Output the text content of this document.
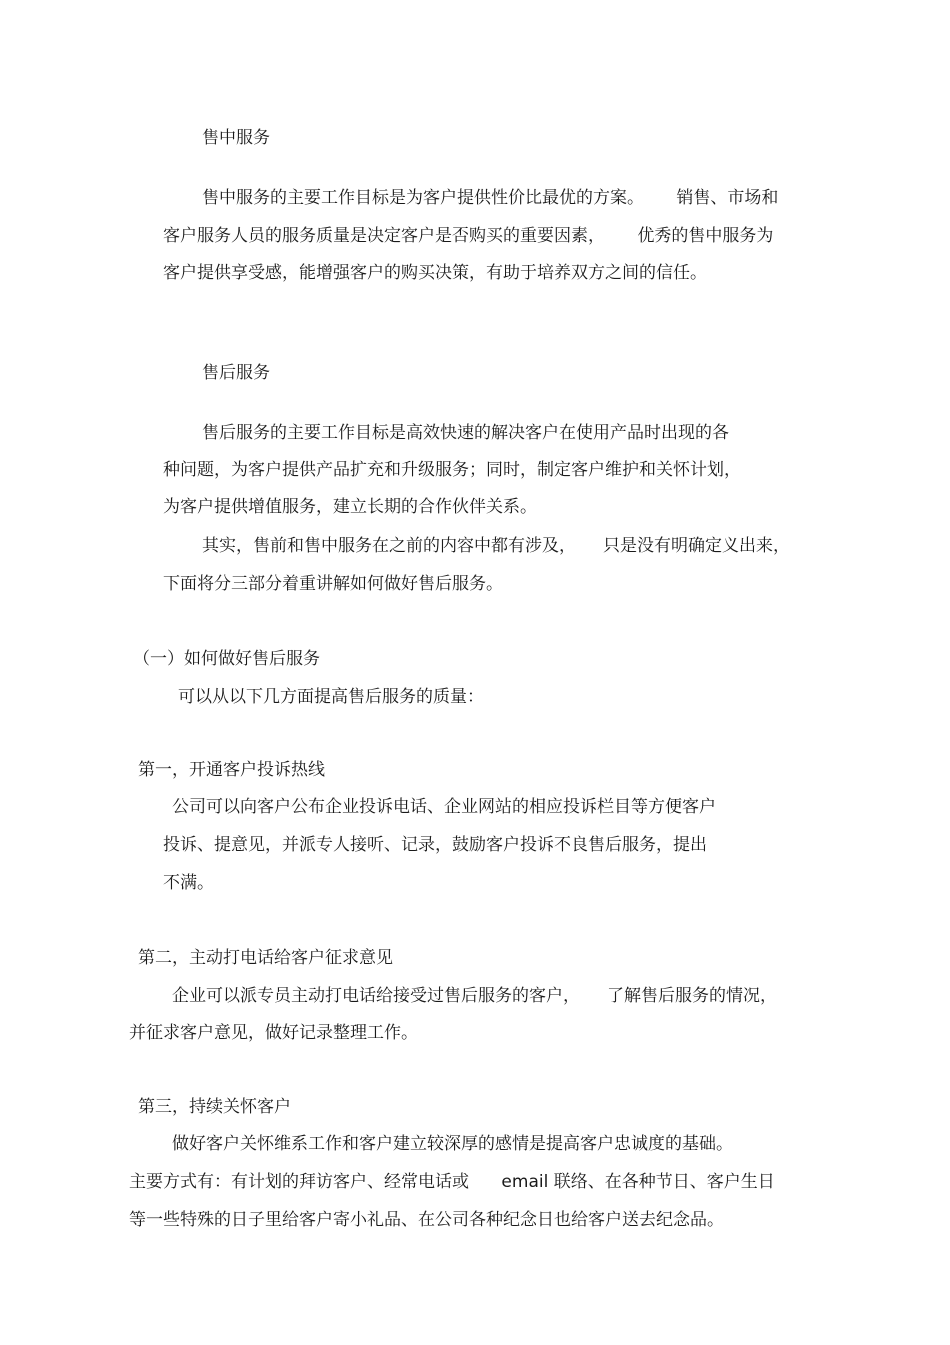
售中服务

售中服务的主要工作目标是为客户提供性价比最优的方案。      销售、市场和

客户服务人员的服务质量是决定客户是否购买的重要因素，      优秀的售中服务为

客户提供享受感，能增强客户的购买决策，有助于培养双方之间的信任。

售后服务

售后服务的主要工作目标是高效快速的解决客户在使用产品时出现的各

种问题，为客户提供产品扩充和升级服务；同时，制定客户维护和关怀计划，

为客户提供增值服务，建立长期的合作伙伴关系。

其实，售前和售中服务在之前的内容中都有涉及，     只是没有明确定义出来，

下面将分三部分着重讲解如何做好售后服务。

（一）如何做好售后服务

可以从以下几方面提高售后服务的质量：

第一，开通客户投诉热线

公司可以向客户公布企业投诉电话、企业网站的相应投诉栏目等方便客户

投诉、提意见，并派专人接听、记录，鼓励客户投诉不良售后服务，提出

不满。

第二，主动打电话给客户征求意见

企业可以派专员主动打电话给接受过售后服务的客户，     了解售后服务的情况，

并征求客户意见，做好记录整理工作。

第三，持续关怀客户

做好客户关怀维系工作和客户建立较深厚的感情是提高客户忠诚度的基础。

主要方式有：有计划的拜访客户、经常电话或      email 联络、在各种节日、客户生日

等一些特殊的日子里给客户寄小礼品、在公司各种纪念日也给客户送去纪念品。
